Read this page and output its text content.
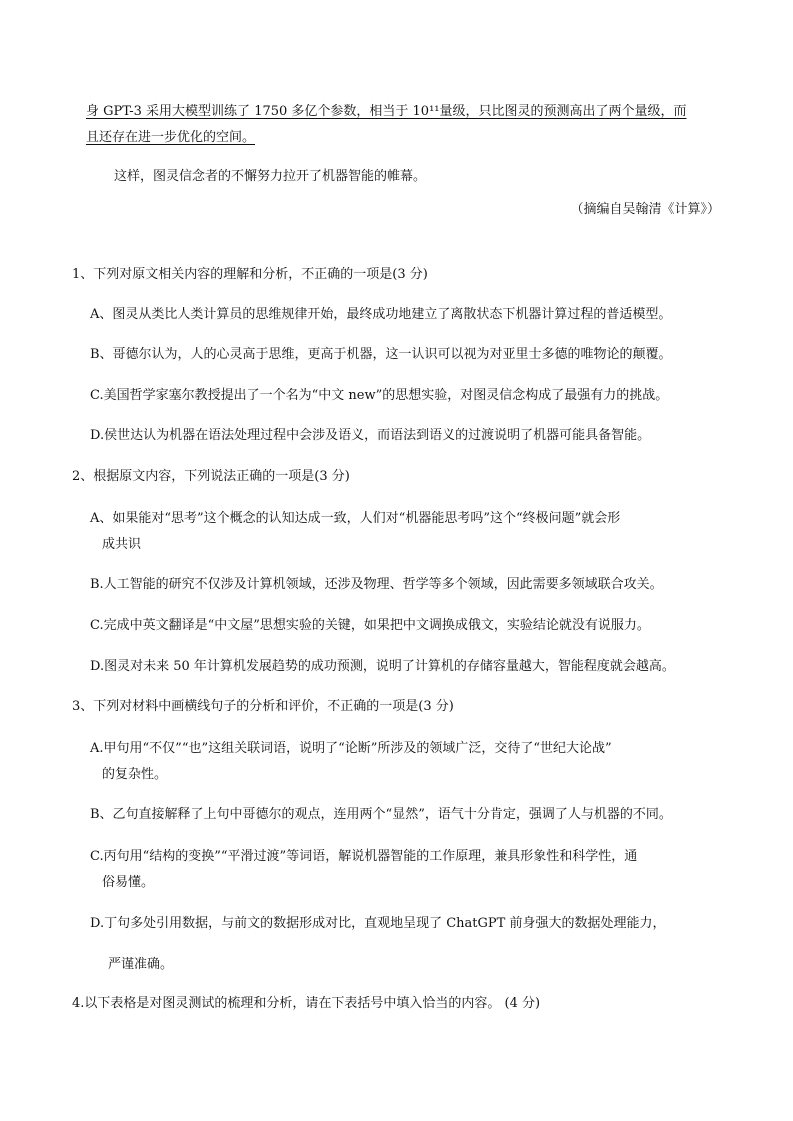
身 GPT-3 采用大模型训练了 1750 多亿个参数，相当于 10¹¹量级，只比图灵的预测高出了两个量级，而
且还存在进一步优化的空间。
这样，图灵信念者的不懈努力拉开了机器智能的帷幕。
（摘编自吴翰清《计算》）
1、下列对原文相关内容的理解和分析，不正确的一项是(3 分)
A、图灵从类比人类计算员的思维规律开始，最终成功地建立了离散状态下机器计算过程的普适模型。
B、哥德尔认为，人的心灵高于思维，更高于机器，这一认识可以视为对亚里士多德的唯物论的颠覆。
C.美国哲学家塞尔教授提出了一个名为“中文 new”的思想实验，对图灵信念构成了最强有力的挑战。
D.侯世达认为机器在语法处理过程中会涉及语义，而语法到语义的过渡说明了机器可能具备智能。
2、根据原文内容，下列说法正确的一项是(3 分)
A、如果能对“思考”这个概念的认知达成一致，人们对“机器能思考吗”这个“终极问题”就会形
成共识
B.人工智能的研究不仅涉及计算机领域，还涉及物理、哲学等多个领域，因此需要多领域联合攻关。
C.完成中英文翻译是“中文屋”思想实验的关键，如果把中文调换成俄文，实验结论就没有说服力。
D.图灵对未来 50 年计算机发展趋势的成功预测，说明了计算机的存储容量越大，智能程度就会越高。
3、下列对材料中画横线句子的分析和评价，不正确的一项是(3 分)
A.甲句用“不仅”“也”这组关联词语，说明了“论断”所涉及的领域广泛，交待了“世纪大论战”
的复杂性。
B、乙句直接解释了上句中哥德尔的观点，连用两个“显然”，语气十分肯定，强调了人与机器的不同。
C.丙句用“结构的变换”“平滑过渡”等词语，解说机器智能的工作原理，兼具形象性和科学性，通
俗易懂。
D.丁句多处引用数据，与前文的数据形成对比，直观地呈现了 ChatGPT 前身强大的数据处理能力，
严谨准确。
4.以下表格是对图灵测试的梳理和分析，请在下表括号中填入恰当的内容。 (4 分)
